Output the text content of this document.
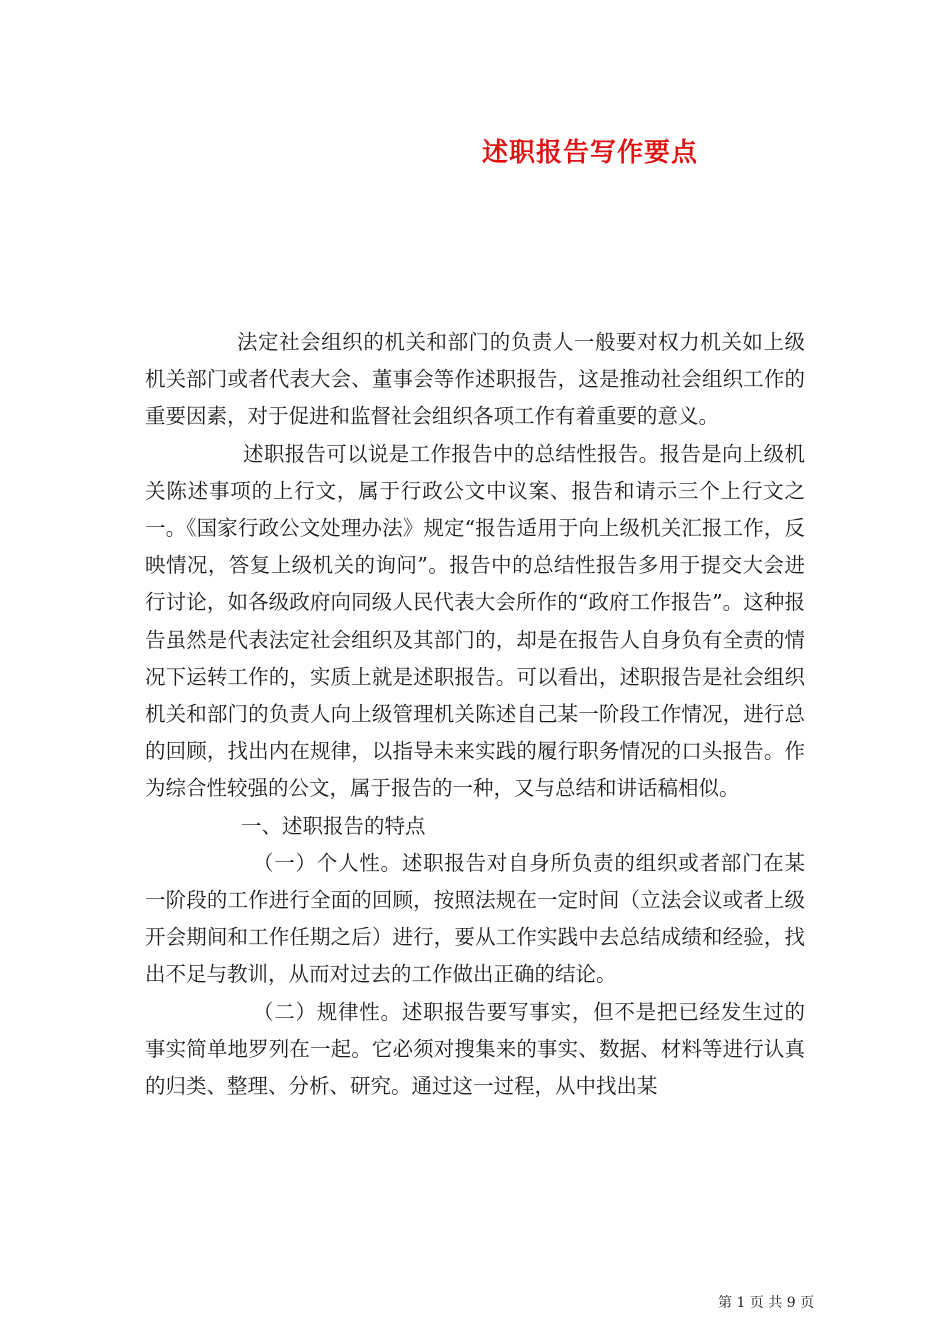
述职报告写作要点

法定社会组织的机关和部门的负责人一般要对权力机关如上级机关部门或者代表大会、董事会等作述职报告，这是推动社会组织工作的重要因素，对于促进和监督社会组织各项工作有着重要的意义。

述职报告可以说是工作报告中的总结性报告。报告是向上级机关陈述事项的上行文，属于行政公文中议案、报告和请示三个上行文之一。《国家行政公文处理办法》规定“报告适用于向上级机关汇报工作，反映情况，答复上级机关的询问”。报告中的总结性报告多用于提交大会进行讨论，如各级政府向同级人民代表大会所作的“政府工作报告”。这种报告虽然是代表法定社会组织及其部门的，却是在报告人自身负有全责的情况下运转工作的，实质上就是述职报告。可以看出，述职报告是社会组织机关和部门的负责人向上级管理机关陈述自己某一阶段工作情况，进行总的回顾，找出内在规律，以指导未来实践的履行职务情况的口头报告。作为综合性较强的公文，属于报告的一种，又与总结和讲话稿相似。

一、述职报告的特点

（一）个人性。述职报告对自身所负责的组织或者部门在某一阶段的工作进行全面的回顾，按照法规在一定时间（立法会议或者上级开会期间和工作任期之后）进行，要从工作实践中去总结成绩和经验，找出不足与教训，从而对过去的工作做出正确的结论。

（二）规律性。述职报告要写事实，但不是把已经发生过的事实简单地罗列在一起。它必须对搜集来的事实、数据、材料等进行认真的归类、整理、分析、研究。通过这一过程，从中找出某

第 1 页 共 9 页
